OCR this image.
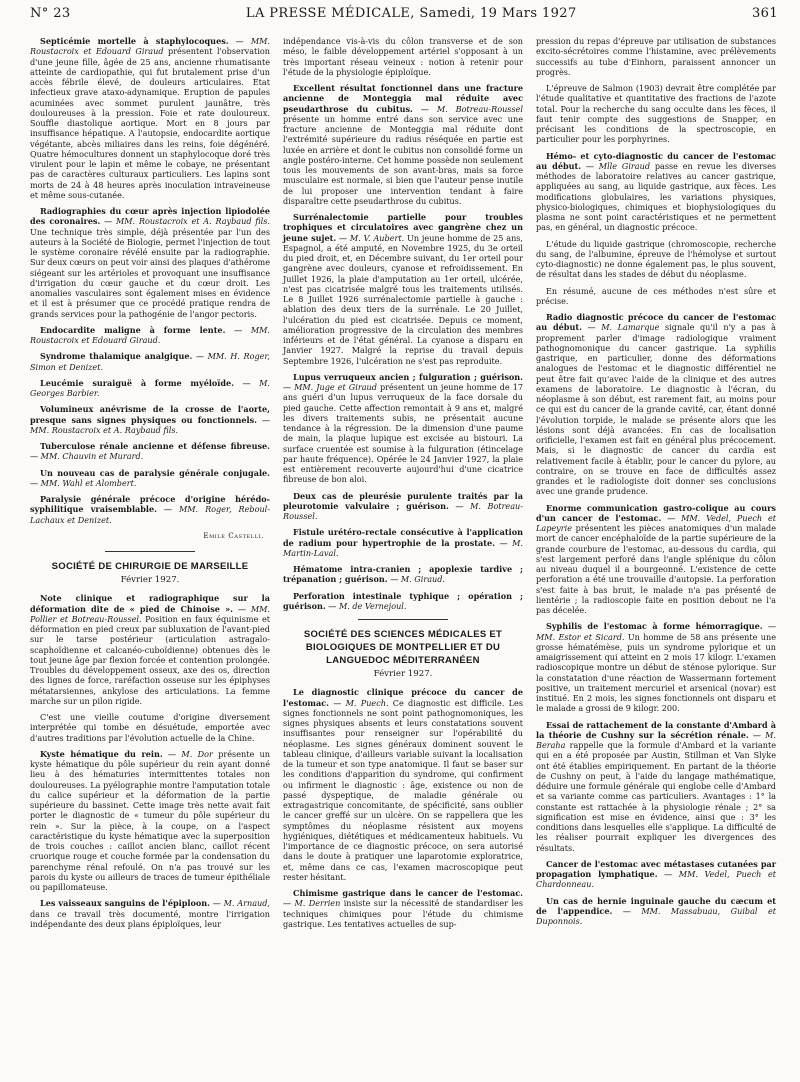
N° 23	LA PRESSE MÉDICALE, Samedi, 19 Mars 1927	361

Septicémie mortelle à staphylocoques. — MM. Roustacroix et Edouard Giraud présentent l'observation d'une jeune fille, âgée de 25 ans, ancienne rhumatisante atteinte de cardiopathie, qui fut brutalement prise d'un accès fébrile élevé, de douleurs articulaires. Etat infectieux grave ataxo-adynamique. Eruption de papules acuminées avec sommet purulent jaunâtre, très douloureuses à la pression. Foie et rate douloureux. Souffle diastolique aortique. Mort en 8 jours par insuffisance hépatique. A l'autopsie, endocardite aortique végétante, abcès miliaires dans les reins, foie dégénéré. Quatre hémocultures donnent un staphylocoque doré très virulent pour le lapin et même le cobaye, ne présentant pas de caractères culturaux particuliers. Les lapins sont morts de 24 à 48 heures après inoculation intraveineuse et même sous-cutanée.

Radiographies du cœur après injection lipiodolée des coronaires. — MM. Roustacroix et A. Raybaud fils. Une technique très simple, déjà présentée par l'un des auteurs à la Société de Biologie, permet l'injection de tout le système coronaire révélé ensuite par la radiographie. Sur deux cœurs on peut voir ainsi des plaques d'athérome siégeant sur les artérioles et provoquant une insuffisance d'irrigation du cœur gauche et du cœur droit. Les anomalies vasculaires sont également mises en évidence et il est à présumer que ce procédé pratique rendra de grands services pour la pathogénie de l'angor pectoris.

Endocardite maligne à forme lente. — MM. Roustacroix et Edouard Giraud.

Syndrome thalamique analgique. — MM. H. Roger, Simon et Denizet.

Leucémie suraiguë à forme myéloïde. — M. Georges Barbier.

Volumineux anévrisme de la crosse de l'aorte, presque sans signes physiques ou fonctionnels. — MM. Roustacroix et A. Raybaud fils.

Tuberculose rénale ancienne et défense fibreuse. — MM. Chauvin et Murard.

Un nouveau cas de paralysie générale conjugale. — MM. Wahl et Alombert.

Paralysie générale précoce d'origine hérédo-syphilitique vraisemblable. — MM. Roger, Reboul-Lachaux et Denizet.

Emile Castelli.
SOCIÉTÉ DE CHIRURGIE DE MARSEILLE
Février 1927.

Note clinique et radiographique sur la déformation dite de « pied de Chinoise ». — MM. Pollier et Botreau-Roussel. Position en faux équinisme et déformation en pied creux par subluxation de l'avant-pied sur le tarse postérieur (articulation astragalo-scaphoïdienne et calcanéo-cuboïdienne) obtenues dès le tout jeune âge par flexion forcée et contention prolongée. Troubles du développement osseux, axe des os, direction des lignes de force, raréfaction osseuse sur les épiphyses métatarsiennes, ankylose des articulations. La femme marche sur un pilon rigide.

C'est une vieille coutume d'origine diversement interprétée qui tombe en désuétude, emportée avec d'autres traditions par l'évolution actuelle de la Chine.

Kyste hématique du rein. — M. Dor présente un kyste hématique du pôle supérieur du rein ayant donné lieu à des hématuries intermittentes totales non douloureuses. La pyélographie montre l'amputation totale du calice supérieur et la déformation de la partie supérieure du bassinet. Cette image très nette avait fait porter le diagnostic de « tumeur du pôle supérieur du rein ». Sur la pièce, à la coupe, on a l'aspect caractéristique du kyste hématique avec la superposition de trois couches : caillot ancien blanc, caillot récent cruorique rouge et couche formée par la condensation du parenchyme rénal refoulé. On n'a pas trouvé sur les parois du kyste ou ailleurs de traces de tumeur épithéliale ou papillomateuse.

Les vaisseaux sanguins de l'épiploon. — M. Arnaud, dans ce travail très documenté, montre l'irrigation indépendante des deux plans épiploïques, leur

indépendance vis-à-vis du côlon transverse et de son méso, le faible développement artériel s'opposant à un très important réseau veineux : notion à retenir pour l'étude de la physiologie épiploïque.

Excellent résultat fonctionnel dans une fracture ancienne de Monteggia mal réduite avec pseudarthrose du cubitus. — M. Botreau-Roussel présente un homme entré dans son service avec une fracture ancienne de Monteggia mal réduite dont l'extrémité supérieure du radius réséquée en partie est luxée en arrière et dont le cubitus non consolidé forme un angle postéro-interne. Cet homme possède non seulement tous les mouvements de son avant-bras, mais sa force musculaire est normale, si bien que l'auteur pense inutile de lui proposer une intervention tendant à faire disparaître cette pseudarthrose du cubitus.

Surrénalectomie partielle pour troubles trophiques et circulatoires avec gangrène chez un jeune sujet. — M. V. Aubert. Un jeune homme de 25 ans, Espagnol, a été amputé, en Novembre 1925, du 3e orteil du pied droit, et, en Décembre suivant, du 1er orteil pour gangrène avec douleurs, cyanose et refroidissement. En Juillet 1926, la plaie d'amputation au 1er orteil, ulcérée, n'est pas cicatrisée malgré tous les traitements utilisés. Le 8 Juillet 1926 surrénalectomie partielle à gauche : ablation des deux tiers de la surrénale. Le 20 Juillet, l'ulcération du pied est cicatrisée. Depuis ce moment, amélioration progressive de la circulation des membres inférieurs et de l'état général. La cyanose a disparu en Janvier 1927. Malgré la reprise du travail depuis Septembre 1926, l'ulcération ne s'est pas reproduite.

Lupus verruqueux ancien ; fulguration ; guérison. — MM. Juge et Giraud présentent un jeune homme de 17 ans guéri d'un lupus verruqueux de la face dorsale du pied gauche. Cette affection remontait à 9 ans et, malgré les divers traitements subis, ne présentait aucune tendance à la régression. De la dimension d'une paume de main, la plaque lupique est excisée au bistouri. La surface cruentée est soumise à la fulguration (étincelage par haute fréquence). Opérée le 24 Janvier 1927, la plaie est entièrement recouverte aujourd'hui d'une cicatrice fibreuse de bon aloi.

Deux cas de pleurésie purulente traités par la pleurotomie valvulaire ; guérison. — M. Botreau-Roussel.

Fistule urétéro-rectale consécutive à l'application de radium pour hypertrophie de la prostate. — M. Martin-Laval.

Hématome intra-cranien ; apoplexie tardive ; trépanation ; guérison. — M. Giraud.

Perforation intestinale typhique ; opération ; guérison. — M. de Vernejoul.

SOCIÉTÉ DES SCIENCES MÉDICALES ET BIOLOGIQUES DE MONTPELLIER ET DU LANGUEDOC MÉDITERRANÉEN
Février 1927.

Le diagnostic clinique précoce du cancer de l'estomac. — M. Puech. Ce diagnostic est difficile. Les signes fonctionnels ne sont point pathognomoniques, les signes physiques absents et leurs constatations souvent insuffisantes pour renseigner sur l'opérabilité du néoplasme. Les signes généraux dominent souvent le tableau clinique, d'ailleurs variable suivant la localisation de la tumeur et son type anatomique. Il faut se baser sur les conditions d'apparition du syndrome, qui confirment ou infirment le diagnostic : âge, existence ou non de passé dyspeptique, de maladie générale ou extragastrique concomitante, de spécificité, sans oublier le cancer greffé sur un ulcère. On se rappellera que les symptômes du néoplasme résistent aux moyens hygiéniques, diététiques et médicamenteux habituels. Vu l'importance de ce diagnostic précoce, on sera autorisé dans le doute à pratiquer une laparotomie exploratrice, et, même dans ce cas, l'examen macroscopique peut rester hésitant.

Chimisme gastrique dans le cancer de l'estomac. — M. Derrien insiste sur la nécessité de standardiser les techniques chimiques pour l'étude du chimisme gastrique. Les tentatives actuelles de sup-

pression du repas d'épreuve par utilisation de substances excito-sécrétoires comme l'histamine, avec prélèvements successifs au tube d'Einhorn, paraissent annoncer un progrès.

L'épreuve de Salmon (1903) devrait être complétée par l'étude qualitative et quantitative des fractions de l'azote total. Pour la recherche du sang occulte dans les fèces, il faut tenir compte des suggestions de Snapper, en précisant les conditions de la spectroscopie, en particulier pour les porphyrines.

Hémo- et cyto-diagnostic du cancer de l'estomac au début. — Mlle Giraud passe en revue les diverses méthodes de laboratoire relatives au cancer gastrique, appliquées au sang, au liquide gastrique, aux fèces. Les modifications globulaires, les variations physiques, physico-biologiques, chimiques et biophysiologiques du plasma ne sont point caractéristiques et ne permettent pas, en général, un diagnostic précoce.

L'étude du liquide gastrique (chromoscopie, recherche du sang, de l'albumine, épreuve de l'hémolyse et surtout cyto-diagnostic) ne donne également pas, le plus souvent, de résultat dans les stades de début du néoplasme.

En résumé, aucune de ces méthodes n'est sûre et précise.

Radio diagnostic précoce du cancer de l'estomac au début. — M. Lamarque signale qu'il n'y a pas à proprement parler d'image radiologique vraiment pathognomonique du cancer gastrique. La syphilis gastrique, en particulier, donne des déformations analogues de l'estomac et le diagnostic différentiel ne peut être fait qu'avec l'aide de la clinique et des autres examens de laboratoire. Le diagnostic à l'écran, du néoplasme à son début, est rarement fait, au moins pour ce qui est du cancer de la grande cavité, car, étant donné l'évolution torpide, le malade se présente alors que les lésions sont déjà avancées. En cas de localisation orificielle, l'examen est fait en général plus précocement. Mais, si le diagnostic de cancer du cardia est relativement facile à établir, pour le cancer du pylore, au contraire, on se trouve en face de difficultés assez grandes et le radiologiste doit donner ses conclusions avec une grande prudence.

Enorme communication gastro-colique au cours d'un cancer de l'estomac. — MM. Vedel, Puech et Lapeyrie présentent les pièces anatomiques d'un malade mort de cancer encéphaloïde de la partie supérieure de la grande courbure de l'estomac, au-dessous du cardia, qui s'est largement perforé dans l'angle splénique du côlon au niveau duquel il a bourgeonné. L'existence de cette perforation a été une trouvaille d'autopsie. La perforation s'est faite à bas bruit, le malade n'a pas présenté de lientérie ; la radioscopie faite en position debout ne l'a pas décelée.

Syphilis de l'estomac à forme hémorragique. — MM. Estor et Sicard. Un homme de 58 ans présente une grosse hématémèse, puis un syndrome pylorique et un amaigrissement qui atteint en 2 mois 17 kilogr. L'examen radioscopique montre un début de sténose pylorique. Sur la constatation d'une réaction de Wassermann fortement positive, un traitement mercuriel et arsenical (novar) est institué. En 2 mois, les signes fonctionnels ont disparu et le malade a grossi de 9 kilogr. 200.

Essai de rattachement de la constante d'Ambard à la théorie de Cushny sur la sécrétion rénale. — M. Beraha rappelle que la formule d'Ambard et la variante qui en a été proposée par Austin, Stillman et Van Slyke ont été établies empiriquement. En partant de la théorie de Cushny on peut, à l'aide du langage mathématique, déduire une formule générale qui englobe celle d'Ambard et sa variante comme cas particuliers. Avantages : 1° la constante est rattachée à la physiologie rénale ; 2° sa signification est mise en évidence, ainsi que : 3° les conditions dans lesquelles elle s'applique. La difficulté de les réaliser pourrait expliquer les divergences des résultats.

Cancer de l'estomac avec métastases cutanées par propagation lymphatique. — MM. Vedel, Puech et Chardonneau.

Un cas de hernie inguinale gauche du cæcum et de l'appendice. — MM. Massabuau, Guibal et Duponnois.
